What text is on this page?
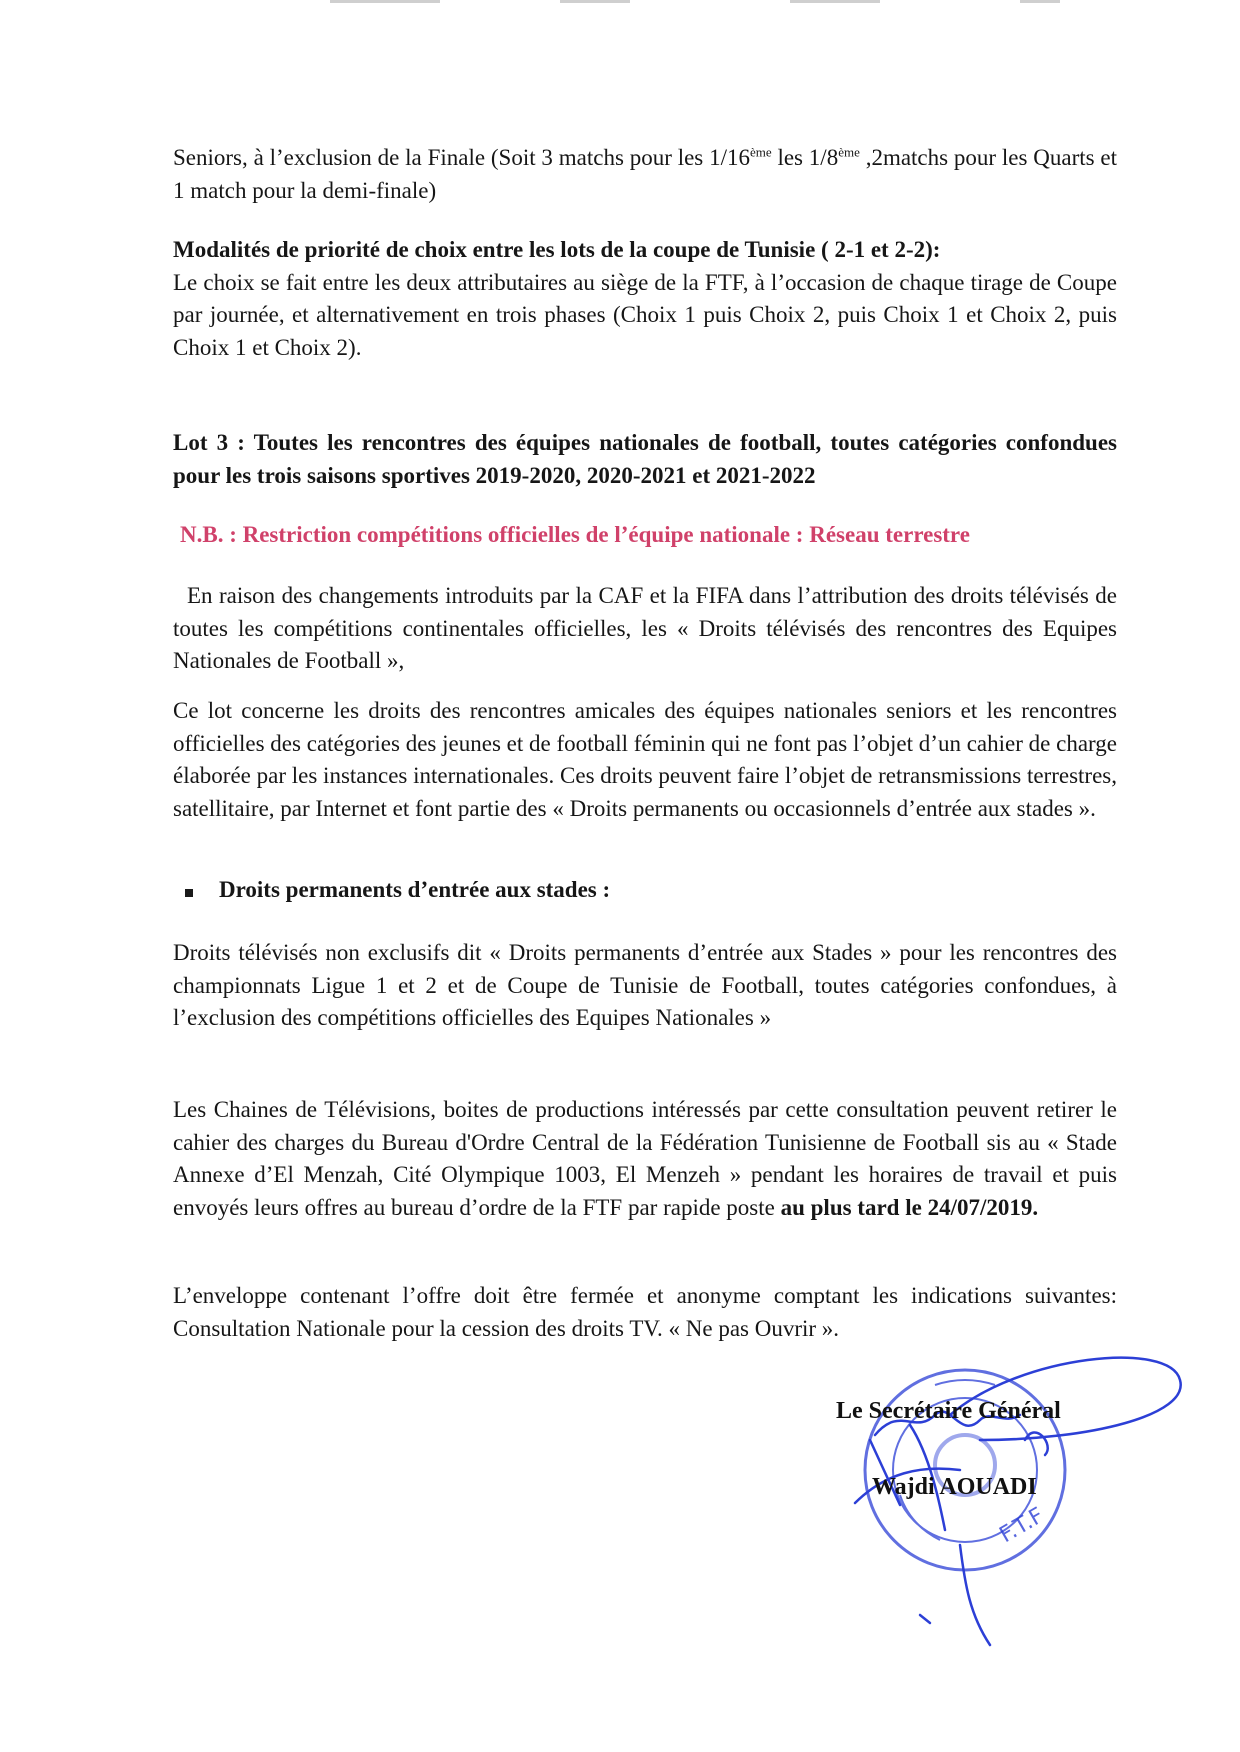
Seniors, à l’exclusion de la Finale (Soit 3 matchs pour les 1/16ème les 1/8ème ,2matchs pour les Quarts et 1 match pour la demi-finale)
Modalités de priorité de choix entre les lots de la coupe de Tunisie ( 2-1 et 2-2):
Le choix se fait entre les deux attributaires au siège de la FTF, à l’occasion de chaque tirage de Coupe par journée, et alternativement en trois phases (Choix 1 puis Choix 2, puis Choix 1 et Choix 2, puis Choix 1 et Choix 2).
Lot 3 : Toutes les rencontres des équipes nationales de football, toutes catégories confondues pour les trois saisons sportives 2019-2020, 2020-2021 et 2021-2022
N.B. : Restriction compétitions officielles de l’équipe nationale : Réseau terrestre
En raison des changements introduits par la CAF et la FIFA dans l’attribution des droits télévisés de toutes les compétitions continentales officielles, les « Droits télévisés des rencontres des Equipes Nationales de Football »,
Ce lot concerne les droits des rencontres amicales des équipes nationales seniors et les rencontres officielles des catégories des jeunes et de football féminin qui ne font pas l’objet d’un cahier de charge élaborée par les instances internationales. Ces droits peuvent faire l’objet de retransmissions terrestres, satellitaire, par Internet et font partie des « Droits permanents ou occasionnels d’entrée aux stades ».
Droits permanents d’entrée aux stades :
Droits télévisés non exclusifs dit « Droits permanents d’entrée aux Stades » pour les rencontres des championnats Ligue 1 et 2 et de Coupe de Tunisie de Football, toutes catégories confondues, à l’exclusion des compétitions officielles des Equipes Nationales »
Les Chaines de Télévisions, boites de productions intéressés par cette consultation peuvent retirer le cahier des charges du Bureau d'Ordre Central de la Fédération Tunisienne de Football sis au « Stade Annexe d’El Menzah, Cité Olympique 1003, El Menzeh » pendant les horaires de travail et puis envoyés leurs offres au bureau d’ordre de la FTF par rapide poste au plus tard le 24/07/2019.
L’enveloppe contenant l’offre doit être fermée et anonyme comptant les indications suivantes: Consultation Nationale pour la cession des droits TV. « Ne pas Ouvrir ».
F.T.F
Le Secrétaire Général
Wajdi AOUADI
